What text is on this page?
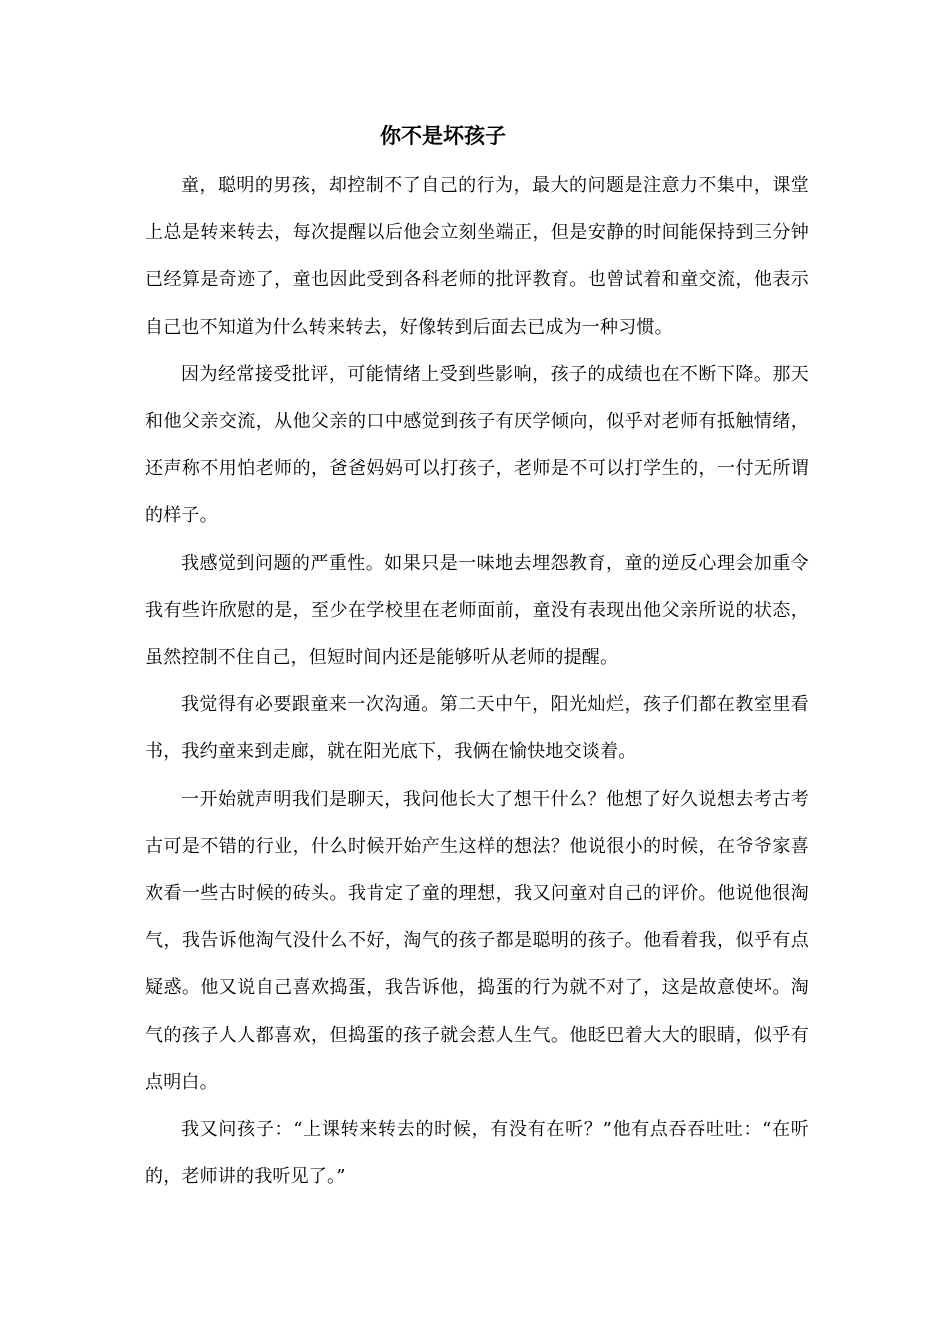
你不是坏孩子

童，聪明的男孩，却控制不了自己的行为，最大的问题是注意力不集中，课堂上总是转来转去，每次提醒以后他会立刻坐端正，但是安静的时间能保持到三分钟已经算是奇迹了，童也因此受到各科老师的批评教育。也曾试着和童交流，他表示自己也不知道为什么转来转去，好像转到后面去已成为一种习惯。

因为经常接受批评，可能情绪上受到些影响，孩子的成绩也在不断下降。那天和他父亲交流，从他父亲的口中感觉到孩子有厌学倾向，似乎对老师有抵触情绪，还声称不用怕老师的，爸爸妈妈可以打孩子，老师是不可以打学生的，一付无所谓的样子。

我感觉到问题的严重性。如果只是一味地去埋怨教育，童的逆反心理会加重令我有些许欣慰的是，至少在学校里在老师面前，童没有表现出他父亲所说的状态，虽然控制不住自己，但短时间内还是能够听从老师的提醒。

我觉得有必要跟童来一次沟通。第二天中午，阳光灿烂，孩子们都在教室里看书，我约童来到走廊，就在阳光底下，我俩在愉快地交谈着。

一开始就声明我们是聊天，我问他长大了想干什么？他想了好久说想去考古考古可是不错的行业，什么时候开始产生这样的想法？他说很小的时候，在爷爷家喜欢看一些古时候的砖头。我肯定了童的理想，我又问童对自己的评价。他说他很淘气，我告诉他淘气没什么不好，淘气的孩子都是聪明的孩子。他看着我，似乎有点疑惑。他又说自己喜欢捣蛋，我告诉他，捣蛋的行为就不对了，这是故意使坏。淘气的孩子人人都喜欢，但捣蛋的孩子就会惹人生气。他眨巴着大大的眼睛，似乎有点明白。

我又问孩子：“上课转来转去的时候，有没有在听？”他有点吞吞吐吐：“在听的，老师讲的我听见了。”
